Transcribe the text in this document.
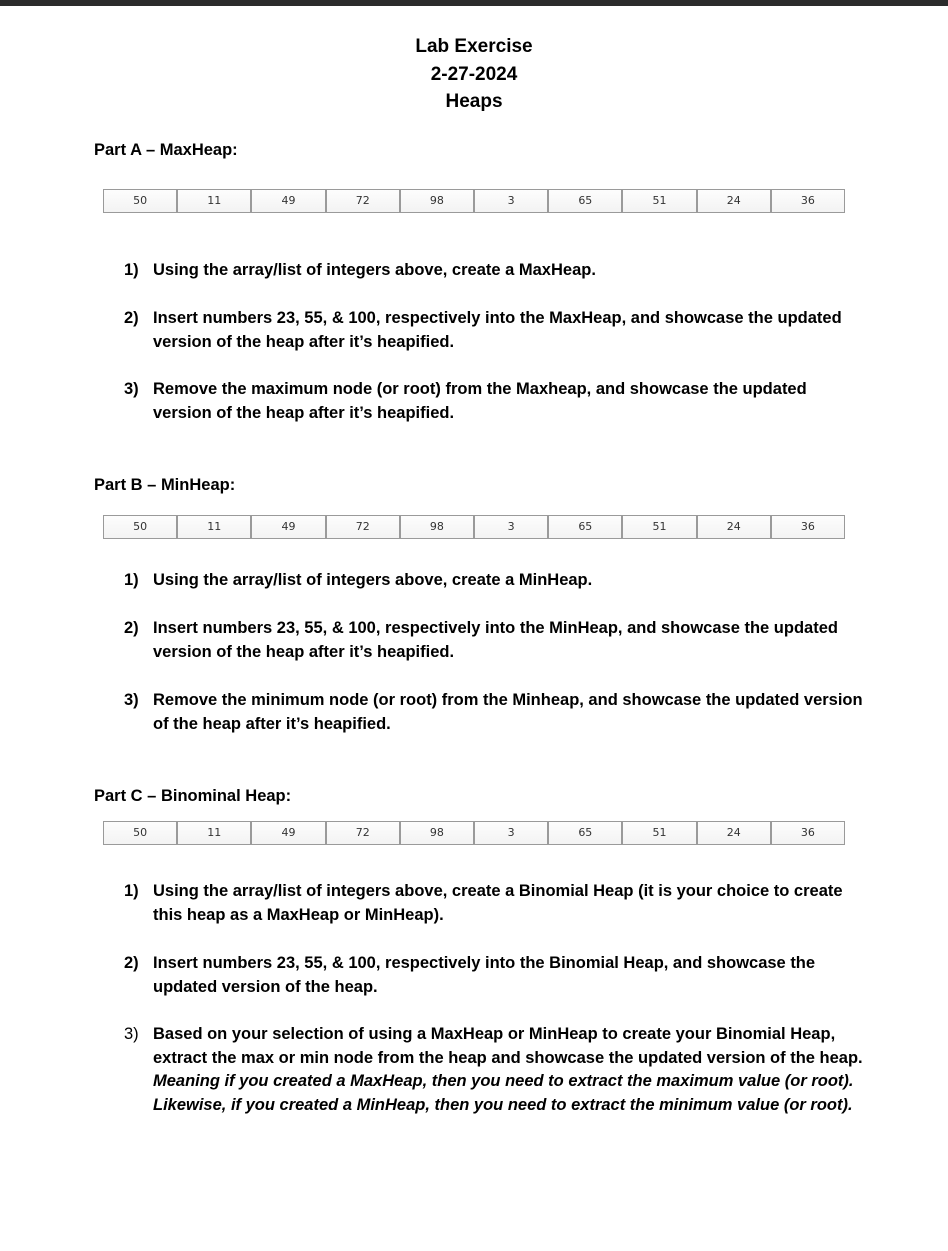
Lab Exercise
2-27-2024
Heaps
Part A – MaxHeap:
50	11	49	72	98	3	65	51	24	36
1) Using the array/list of integers above, create a MaxHeap.
2) Insert numbers 23, 55, & 100, respectively into the MaxHeap, and showcase the updated version of the heap after it’s heapified.
3) Remove the maximum node (or root) from the Maxheap, and showcase the updated version of the heap after it’s heapified.
Part B – MinHeap:
50	11	49	72	98	3	65	51	24	36
1) Using the array/list of integers above, create a MinHeap.
2) Insert numbers 23, 55, & 100, respectively into the MinHeap, and showcase the updated version of the heap after it’s heapified.
3) Remove the minimum node (or root) from the Minheap, and showcase the updated version of the heap after it’s heapified.
Part C – Binominal Heap:
50	11	49	72	98	3	65	51	24	36
1) Using the array/list of integers above, create a Binomial Heap (it is your choice to create this heap as a MaxHeap or MinHeap).
2) Insert numbers 23, 55, & 100, respectively into the Binomial Heap, and showcase the updated version of the heap.
3) Based on your selection of using a MaxHeap or MinHeap to create your Binomial Heap, extract the max or min node from the heap and showcase the updated version of the heap. Meaning if you created a MaxHeap, then you need to extract the maximum value (or root). Likewise, if you created a MinHeap, then you need to extract the minimum value (or root).
